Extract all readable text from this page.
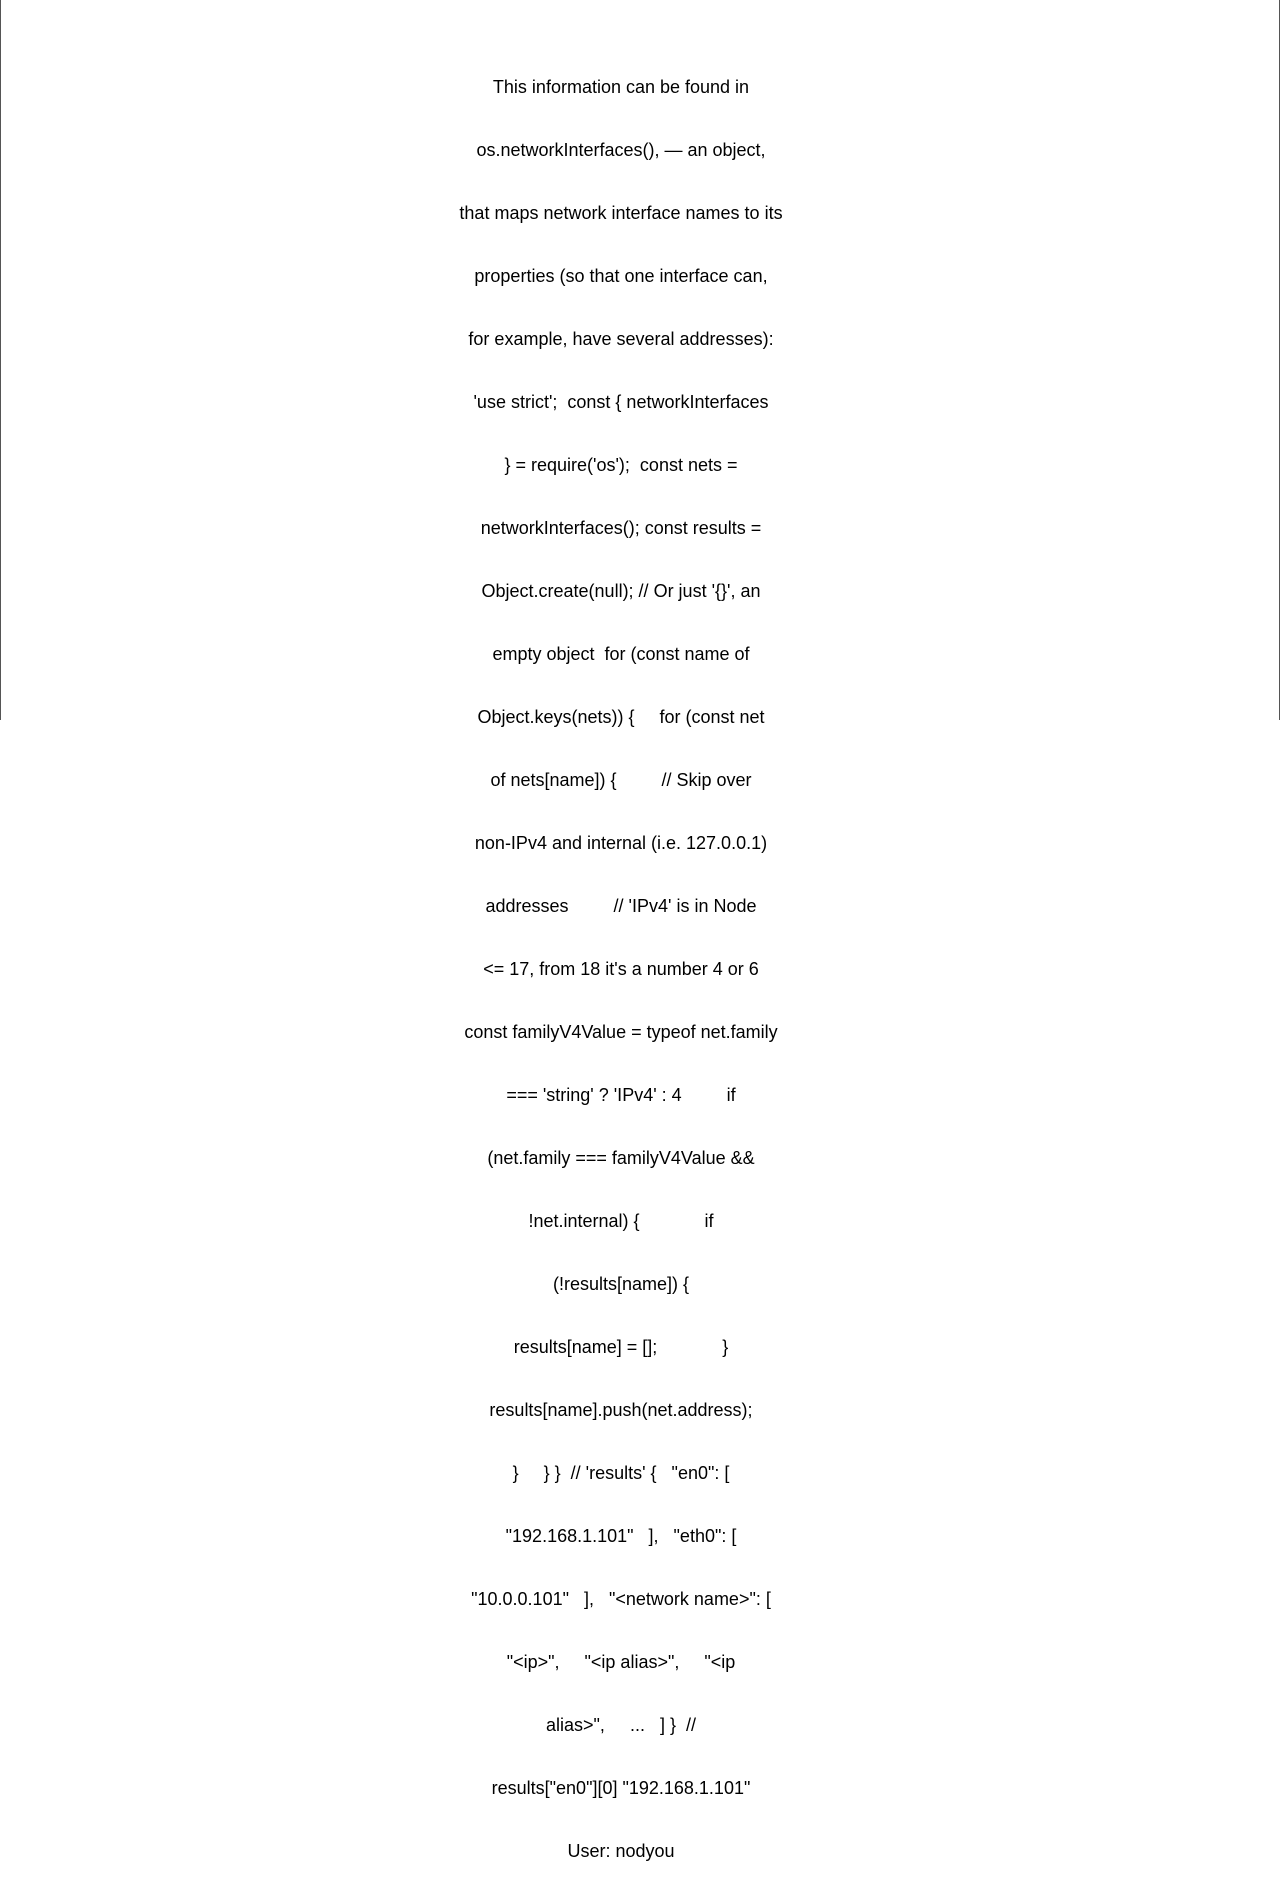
This information can be found in

os.networkInterfaces(), — an object,

that maps network interface names to its

properties (so that one interface can,

for example, have several addresses):

'use strict';  const { networkInterfaces

} = require('os');  const nets =

networkInterfaces(); const results =

Object.create(null); // Or just '{}', an

empty object  for (const name of

Object.keys(nets)) {     for (const net

of nets[name]) {         // Skip over

non-IPv4 and internal (i.e. 127.0.0.1)

addresses         // 'IPv4' is in Node

<= 17, from 18 it's a number 4 or 6

const familyV4Value = typeof net.family

=== 'string' ? 'IPv4' : 4         if

(net.family === familyV4Value &&

!net.internal) {             if

(!results[name]) {

results[name] = [];             }

results[name].push(net.address);

}     } }  // 'results' {   "en0": [

"192.168.1.101"   ],   "eth0": [

"10.0.0.101"   ],   "<network name>": [

"<ip>",     "<ip alias>",     "<ip

alias>",     ...   ] }  //

results["en0"][0] "192.168.1.101"

User: nodyou
